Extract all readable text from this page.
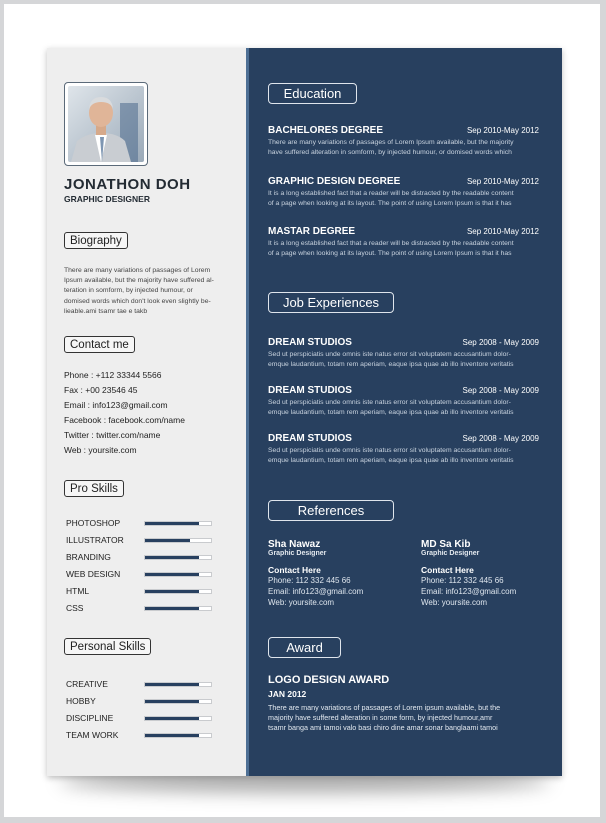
JONATHON DOH
GRAPHIC DESIGNER
Biography
There are many variations of passages of Lorem
Ipsum available, but the majority have suffered al-
teration in somform, by injected humour, or
domised words which don't look even slightly be-
lieable.ami tsamr tae e takb
Contact me
Phone : +112 33344 5566
Fax : +00 23546 45
Email : info123@gmail.com
Facebook : facebook.com/name
Twitter : twitter.com/name
Web : yoursite.com
Pro Skills
PHOTOSHOP
ILLUSTRATOR
BRANDING
WEB DESIGN
HTML
CSS
Personal Skills
CREATIVE
HOBBY
DISCIPLINE
TEAM WORK
Education
BACHELORES DEGREE	Sep 2010-May 2012
There are many variations of passages of Lorem Ipsum available, but the majority
have suffered alteration in somform, by injected humour, or domised words which
GRAPHIC DESIGN DEGREE	Sep 2010-May 2012
It is a long established fact that a reader will be distracted by the readable content
of a page when looking at its layout. The point of using Lorem Ipsum is that it has
MASTAR DEGREE	Sep 2010-May 2012
It is a long established fact that a reader will be distracted by the readable content
of a page when looking at its layout. The point of using Lorem Ipsum is that it has
Job Experiences
DREAM STUDIOS	Sep 2008 - May 2009
Sed ut perspiciatis unde omnis iste natus error sit voluptatem accusantium dolor-
emque laudantium, totam rem aperiam, eaque ipsa quae ab illo inventore veritatis
DREAM STUDIOS	Sep 2008 - May 2009
Sed ut perspiciatis unde omnis iste natus error sit voluptatem accusantium dolor-
emque laudantium, totam rem aperiam, eaque ipsa quae ab illo inventore veritatis
DREAM STUDIOS	Sep 2008 - May 2009
Sed ut perspiciatis unde omnis iste natus error sit voluptatem accusantium dolor-
emque laudantium, totam rem aperiam, eaque ipsa quae ab illo inventore veritatis
References
Sha Nawaz
Graphic Designer
Contact Here
Phone: 112 332 445 66
Email: info123@gmail.com
Web: yoursite.com
MD Sa Kib
Graphic Designer
Contact Here
Phone: 112 332 445 66
Email: info123@gmail.com
Web: yoursite.com
Award
LOGO DESIGN AWARD
JAN 2012
There are many variations of passages of Lorem ipsum available, but the
majority have suffered alteration in some form, by injected humour,amr
tsamr banga ami tamoi valo basi chiro dine amar sonar banglaami tamoi
